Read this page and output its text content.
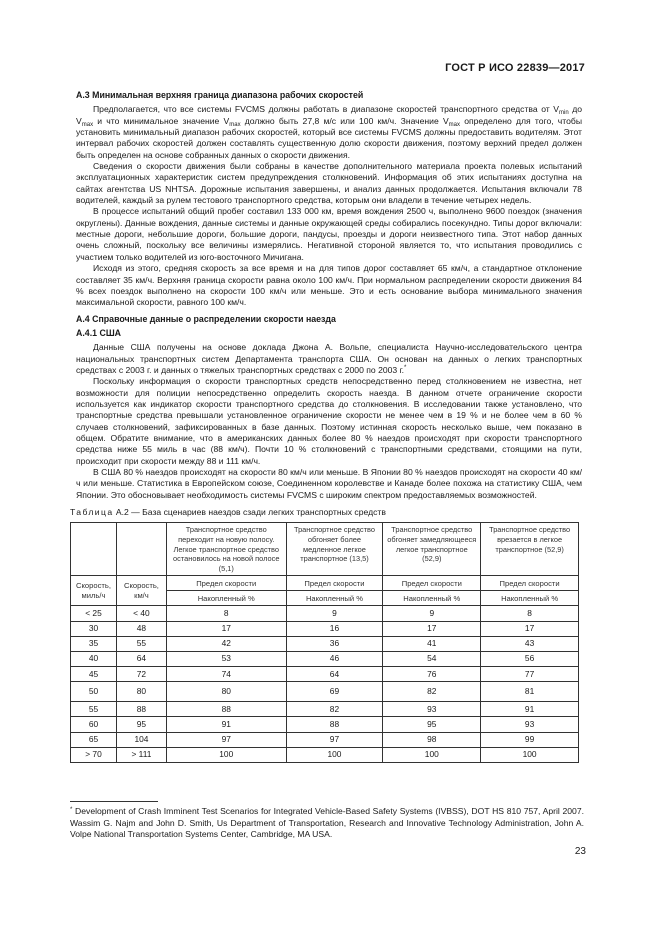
ГОСТ Р ИСО 22839—2017
А.3 Минимальная верхняя граница диапазона рабочих скоростей

Предполагается, что все системы FVCMS должны работать в диапазоне скоростей транспортного средства от $V_{min}$ до $V_{max}$ и что минимальное значение $V_{max}$ должно быть 27,8 м/с или 100 км/ч. Значение $V_{max}$ определено для того, чтобы установить минимальный диапазон рабочих скоростей, который все системы FVCMS должны предоставить водителям. Этот интервал рабочих скоростей должен составлять существенную долю скорости движения, поэтому верхний предел должен быть определен на основе собранных данных о скорости движения.

Сведения о скорости движения были собраны в качестве дополнительного материала проекта полевых испытаний эксплуатационных характеристик систем предупреждения столкновений. Информация об этих испытаниях доступна на сайтах агентства US NHTSA. Дорожные испытания завершены, и анализ данных продолжается. Испытания включали 78 водителей, каждый за рулем тестового транспортного средства, которым они владели в течение четырех недель.

В процессе испытаний общий пробег составил 133 000 км, время вождения 2500 ч, выполнено 9600 поездок (значения округлены). Данные вождения, данные системы и данные окружающей среды собирались посекундно. Типы дорог включали: местные дороги, небольшие дороги, большие дороги, пандусы, проезды и дороги неизвестного типа. Этот набор данных очень сложный, поскольку все величины измерялись. Негативной стороной является то, что испытания проводились с участием только водителей из юго-восточного Мичигана.

Исходя из этого, средняя скорость за все время и на для типов дорог составляет 65 км/ч, а стандартное отклонение составляет 35 км/ч. Верхняя граница скорости равна около 100 км/ч. При нормальном распределении скорости движения 84 % всех поездок выполнено на скорости 100 км/ч или меньше. Это и есть основание выбора минимального значения максимальной скорости, равного 100 км/ч.

А.4 Справочные данные о распределении скорости наезда
А.4.1 США

Данные США получены на основе доклада Джона А. Вольпе, специалиста Научно-исследовательского центра национальных транспортных систем Департамента транспорта США. Он основан на данных о легких транспортных средствах с 2003 г. и данных о тяжелых транспортных средствах с 2000 по 2003 г.*

Поскольку информация о скорости транспортных средств непосредственно перед столкновением не известна, нет возможности для полиции непосредственно определить скорость наезда. В данном отчете ограничение скорости используется как индикатор скорости транспортного средства до столкновения. В исследовании также установлено, что транспортные средства превышали установленное ограничение скорости не менее чем в 19 % и не более чем в 60 % случаев столкновений, зафиксированных в базе данных. Поэтому истинная скорость несколько выше, чем показано в общем. Обратите внимание, что в американских данных более 80 % наездов происходят при скорости транспортного средства ниже 55 миль в час (88 км/ч). Почти 10 % столкновений с транспортными средствами, стоящими на пути, происходит при скорости между 88 и 111 км/ч.

В США 80 % наездов происходят на скорости 80 км/ч или меньше. В Японии 80 % наездов происходят на скорости 40 км/ч или меньше. Статистика в Европейском союзе, Соединенном королевстве и Канаде более похожа на статистику США, чем Японии. Это обосновывает необходимость системы FVCMS с широким спектром предоставляемых возможностей.

Таблица А.2 — База сценариев наездов сзади легких транспортных средств
		Транспортное средство переходит на новую полосу. Легкое транспортное средство остановилось на новой полосе (5,1)	Транспортное средство обгоняет более медленное легкое транспортное (13,5)	Транспортное средство обгоняет замедляющееся легкое транспортное (52,9)	Транспортное средство врезается в легкое транспортное (52,9)
Скорость, миль/ч	Скорость, км/ч	Предел скорости	Предел скорости	Предел скорости	Предел скорости
		Накопленный %	Накопленный %	Накопленный %	Накопленный %
< 25	< 40	8	9	9	8
30	48	17	16	17	17
35	55	42	36	41	43
40	64	53	46	54	56
45	72	74	64	76	77
50	80	80	69	82	81
55	88	88	82	93	91
60	95	91	88	95	93
65	104	97	97	98	99
> 70	> 111	100	100	100	100
* Development of Crash Imminent Test Scenarios for Integrated Vehicle-Based Safety Systems (IVBSS), DOT HS 810 757, April 2007. Wassim G. Najm and John D. Smith, Us Department of Transportation, Research and Innovative Technology Administration, John A. Volpe National Transportation Systems Center, Cambridge, MA USA.
23
